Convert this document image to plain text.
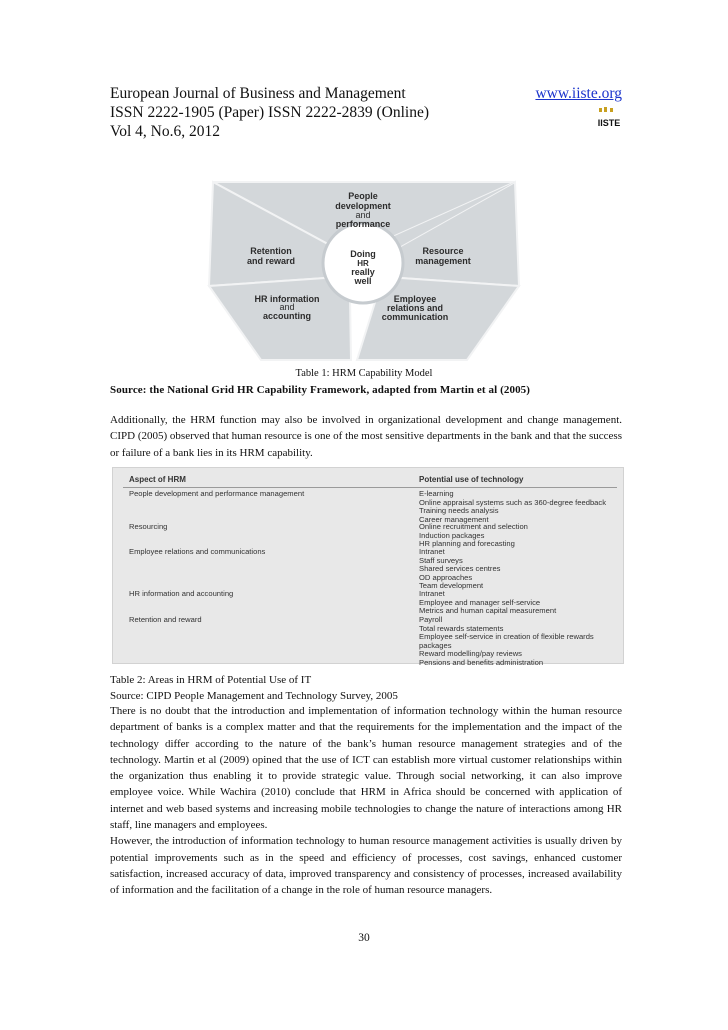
European Journal of Business and Management
ISSN 2222-1905 (Paper) ISSN 2222-2839 (Online)
Vol 4, No.6, 2012
www.iiste.org
IISTE
People
development
and
performance
Retention
and reward
Resource
management
HR information
and
accounting
Employee
relations and
communication
Doing
HR
really
well
Table 1: HRM Capability Model
Source: the National Grid HR Capability Framework, adapted from Martin et al (2005)
Additionally, the HRM function may also be involved in organizational development and change management. CIPD (2005) observed that human resource is one of the most sensitive departments in the bank and that the success or failure of a bank lies in its HRM capability.
Aspect of HRM	Potential use of technology
People development and performance management	E-learning
Online appraisal systems such as 360-degree feedback
Training needs analysis
Career management
Resourcing	Online recruitment and selection
Induction packages
HR planning and forecasting
Employee relations and communications	Intranet
Staff surveys
Shared services centres
OD approaches
Team development
HR information and accounting	Intranet
Employee and manager self-service
Metrics and human capital measurement
Retention and reward	Payroll
Total rewards statements
Employee self-service in creation of flexible rewards
packages
Reward modelling/pay reviews
Pensions and benefits administration
Table 2: Areas in HRM of Potential Use of IT
Source: CIPD People Management and Technology Survey, 2005
There is no doubt that the introduction and implementation of information technology within the human resource department of banks is a complex matter and that the requirements for the implementation and the impact of the technology differ according to the nature of the bank’s human resource management strategies and of the technology. Martin et al (2009) opined that the use of ICT can establish more virtual customer relationships within the organization thus enabling it to provide strategic value. Through social networking, it can also improve employee voice. While Wachira (2010) conclude that HRM in Africa should be concerned with application of internet and web based systems and increasing mobile technologies to change the nature of interactions among HR staff, line managers and employees.
However, the introduction of information technology to human resource management activities is usually driven by potential improvements such as in the speed and efficiency of processes, cost savings, enhanced customer satisfaction, increased accuracy of data, improved transparency and consistency of processes, increased availability of information and the facilitation of a change in the role of human resource managers.
30
